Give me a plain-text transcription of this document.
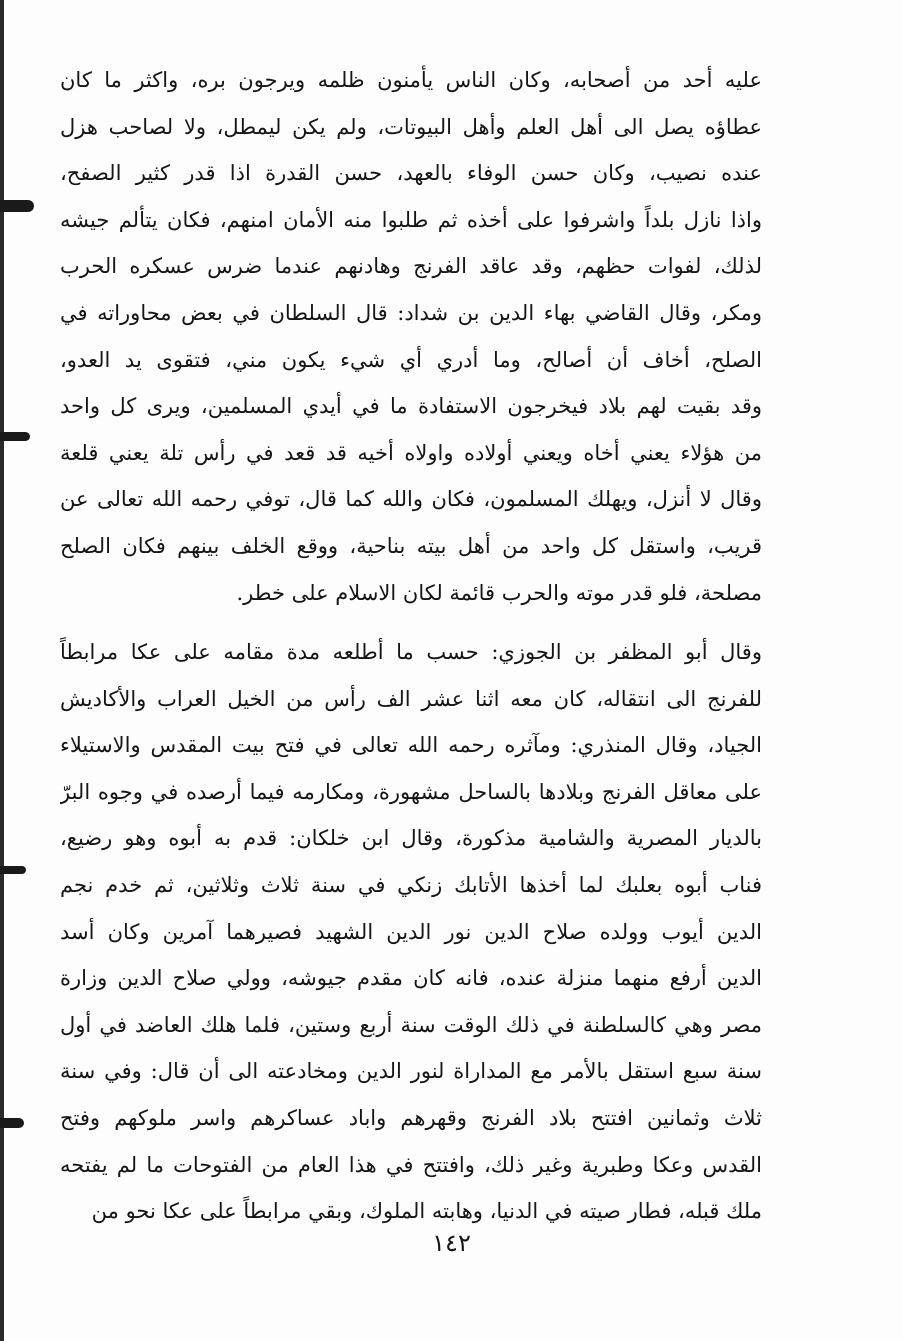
عليه أحد من أصحابه، وكان الناس يأمنون ظلمه ويرجون بره، واكثر ما كان
عطاؤه يصل الى أهل العلم وأهل البيوتات، ولم يكن ليمطل، ولا لصاحب هزل
عنده نصيب، وكان حسن الوفاء بالعهد، حسن القدرة اذا قدر كثير الصفح،
واذا نازل بلداً واشرفوا على أخذه ثم طلبوا منه الأمان امنهم، فكان يتألم جيشه
لذلك، لفوات حظهم، وقد عاقد الفرنج وهادنهم عندما ضرس عسكره الحرب
ومكر، وقال القاضي بهاء الدين بن شداد: قال السلطان في بعض محاوراته في
الصلح، أخاف أن أصالح، وما أدري أي شيء يكون مني، فتقوى يد العدو،
وقد بقيت لهم بلاد فيخرجون الاستفادة ما في أيدي المسلمين، ويرى كل واحد
من هؤلاء يعني أخاه ويعني أولاده واولاه أخيه قد قعد في رأس تلة يعني قلعة
وقال لا أنزل، ويهلك المسلمون، فكان والله كما قال، توفي رحمه الله تعالى عن
قريب، واستقل كل واحد من أهل بيته بناحية، ووقع الخلف بينهم فكان الصلح
مصلحة، فلو قدر موته والحرب قائمة لكان الاسلام على خطر.
وقال أبو المظفر بن الجوزي: حسب ما أطلعه مدة مقامه على عكا مرابطاً
للفرنج الى انتقاله، كان معه اثنا عشر الف رأس من الخيل العراب والأكاديش
الجياد، وقال المنذري: ومآثره رحمه الله تعالى في فتح بيت المقدس والاستيلاء
على معاقل الفرنج وبلادها بالساحل مشهورة، ومكارمه فيما أرصده في وجوه البرّ
بالديار المصرية والشامية مذكورة، وقال ابن خلكان: قدم به أبوه وهو رضيع،
فناب أبوه بعلبك لما أخذها الأتابك زنكي في سنة ثلاث وثلاثين، ثم خدم نجم
الدين أيوب وولده صلاح الدين نور الدين الشهيد فصيرهما آمرين وكان أسد
الدين أرفع منهما منزلة عنده، فانه كان مقدم جيوشه، وولي صلاح الدين وزارة
مصر وهي كالسلطنة في ذلك الوقت سنة أربع وستين، فلما هلك العاضد في أول
سنة سبع استقل بالأمر مع المداراة لنور الدين ومخادعته الى أن قال: وفي سنة
ثلاث وثمانين افتتح بلاد الفرنج وقهرهم واباد عساكرهم واسر ملوكهم وفتح
القدس وعكا وطبرية وغير ذلك، وافتتح في هذا العام من الفتوحات ما لم يفتحه
ملك قبله، فطار صيته في الدنيا، وهابته الملوك، وبقي مرابطاً على عكا نحو من
١٤٢
